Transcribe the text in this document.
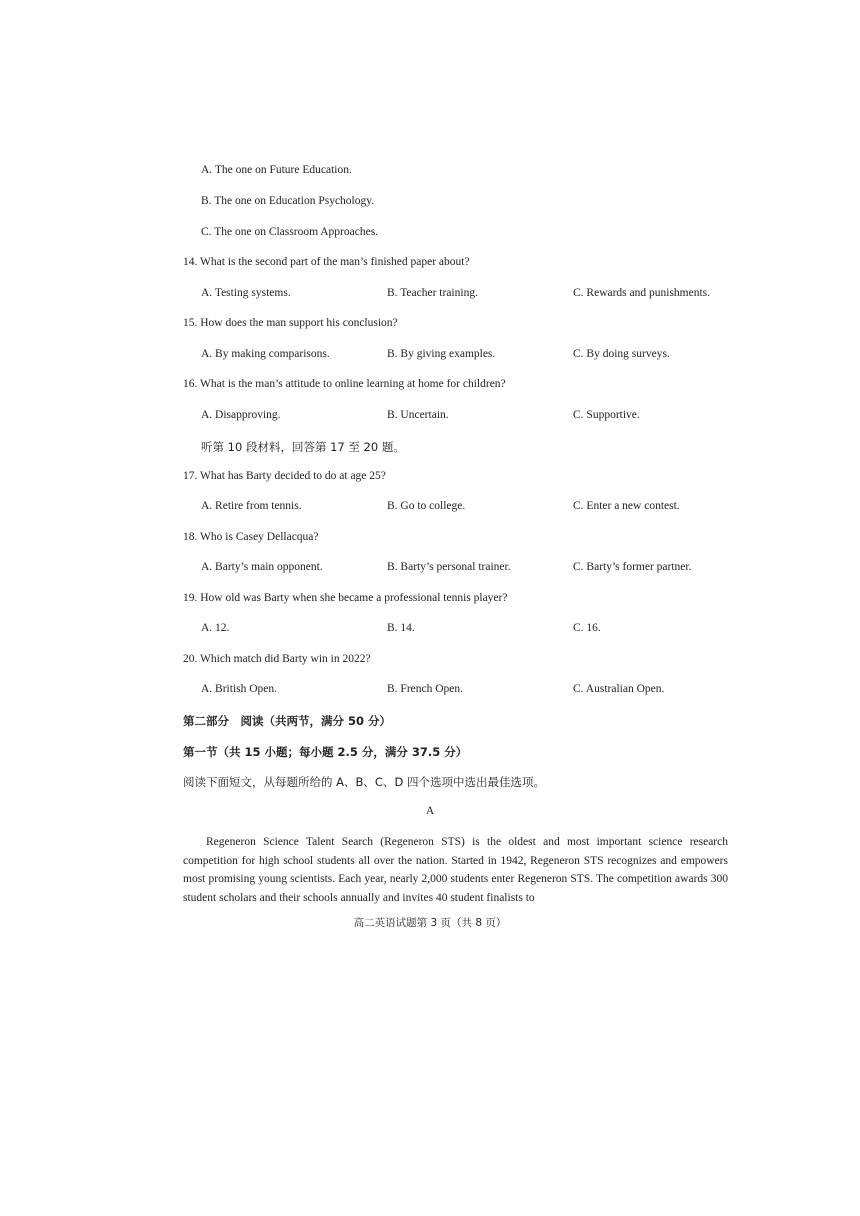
A. The one on Future Education.
B. The one on Education Psychology.
C. The one on Classroom Approaches.
14. What is the second part of the man’s finished paper about?
A. Testing systems.	B. Teacher training.	C. Rewards and punishments.
15. How does the man support his conclusion?
A. By making comparisons.	B. By giving examples.	C. By doing surveys.
16. What is the man’s attitude to online learning at home for children?
A. Disapproving.	B. Uncertain.	C. Supportive.
听第 10 段材料，回答第 17 至 20 题。
17. What has Barty decided to do at age 25?
A. Retire from tennis.	B. Go to college.	C. Enter a new contest.
18. Who is Casey Dellacqua?
A. Barty’s main opponent.	B. Barty’s personal trainer.	C. Barty’s former partner.
19. How old was Barty when she became a professional tennis player?
A. 12.	B. 14.	C. 16.
20. Which match did Barty win in 2022?
A. British Open.	B. French Open.	C. Australian Open.
第二部分　阅读（共两节，满分 50 分）
第一节（共 15 小题；每小题 2.5 分，满分 37.5 分）
阅读下面短文，从每题所给的 A、B、C、D 四个选项中选出最佳选项。
A
Regeneron Science Talent Search (Regeneron STS) is the oldest and most important science research competition for high school students all over the nation. Started in 1942, Regeneron STS recognizes and empowers most promising young scientists. Each year, nearly 2,000 students enter Regeneron STS. The competition awards 300 student scholars and their schools annually and invites 40 student finalists to
高二英语试题第 3 页（共 8 页）
